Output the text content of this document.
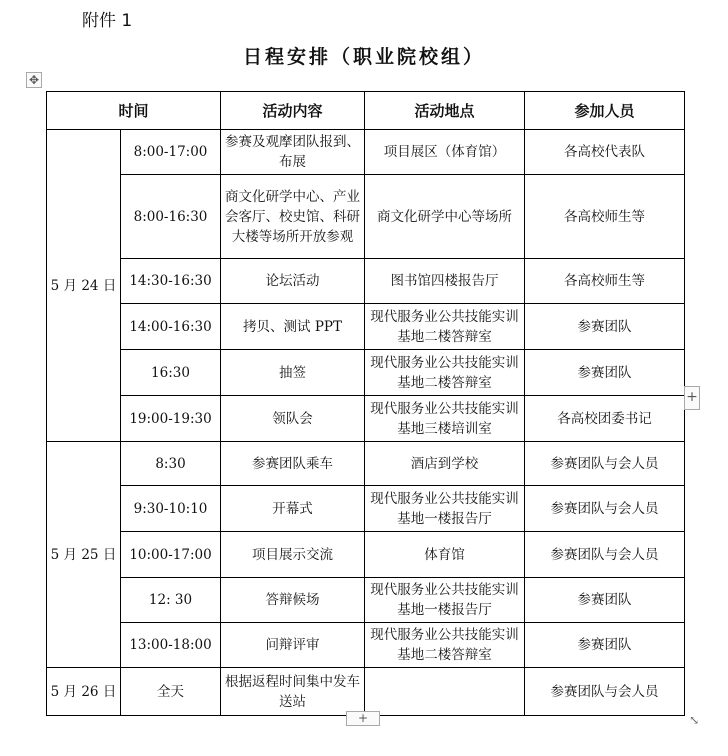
附件 1
日程安排（职业院校组）
✥
时间		活动内容	活动地点	参加人员
5 月 24 日	8:00-17:00	参赛及观摩团队报到、布展	项目展区（体育馆）	各高校代表队
	8:00-16:30	商文化研学中心、产业会客厅、校史馆、科研大楼等场所开放参观	商文化研学中心等场所	各高校师生等
	14:30-16:30	论坛活动	图书馆四楼报告厅	各高校师生等
	14:00-16:30	拷贝、测试 PPT	现代服务业公共技能实训基地二楼答辩室	参赛团队
	16:30	抽签	现代服务业公共技能实训基地二楼答辩室	参赛团队
	19:00-19:30	领队会	现代服务业公共技能实训基地三楼培训室	各高校团委书记
5 月 25 日	8:30	参赛团队乘车	酒店到学校	参赛团队与会人员
	9:30-10:10	开幕式	现代服务业公共技能实训基地一楼报告厅	参赛团队与会人员
	10:00-17:00	项目展示交流	体育馆	参赛团队与会人员
	12: 30	答辩候场	现代服务业公共技能实训基地一楼报告厅	参赛团队
	13:00-18:00	问辩评审	现代服务业公共技能实训基地二楼答辩室	参赛团队
5 月 26 日	全天	根据返程时间集中发车送站		参赛团队与会人员
+
+	⤡
